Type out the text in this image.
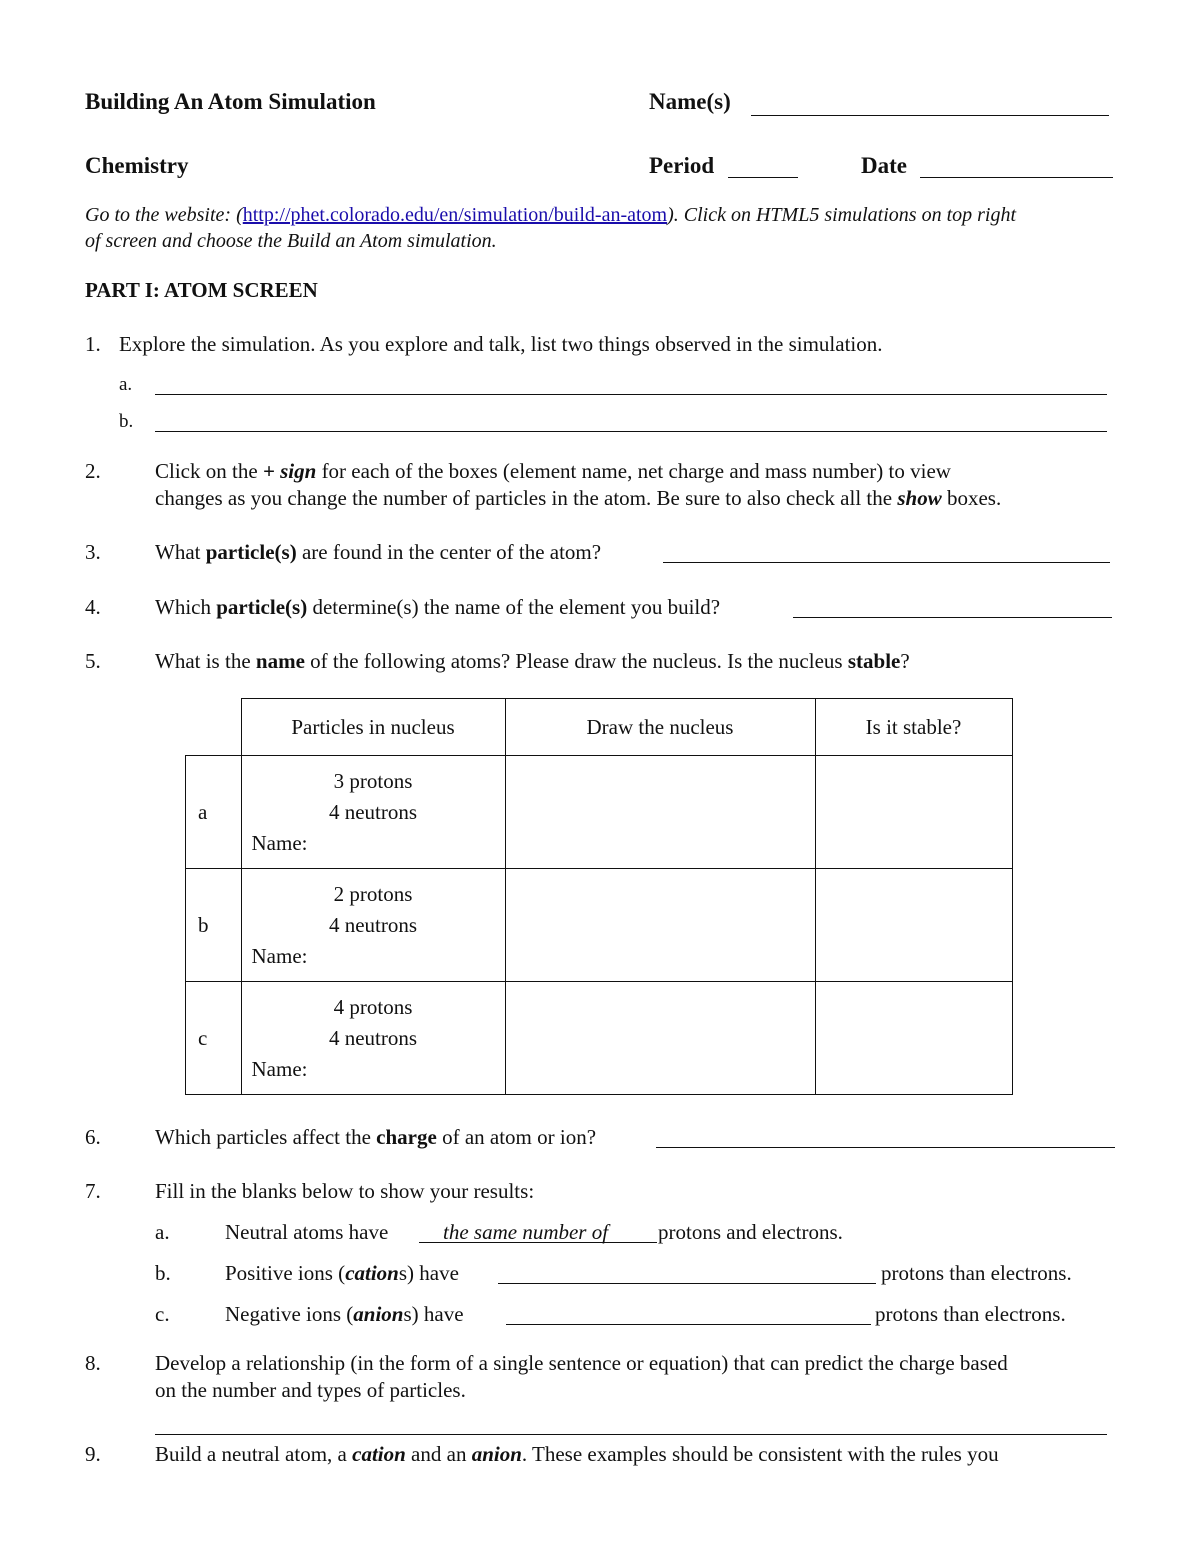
Building An Atom Simulation	Name(s)
Chemistry	Period	Date
Go to the website: (http://phet.colorado.edu/en/simulation/build-an-atom). Click on HTML5 simulations on top right
of screen and choose the Build an Atom simulation.
PART I: ATOM SCREEN
1. Explore the simulation. As you explore and talk, list two things observed in the simulation.
a.
b.
2.	Click on the + sign for each of the boxes (element name, net charge and mass number) to view
changes as you change the number of particles in the atom. Be sure to also check all the show boxes.
3.	What particle(s) are found in the center of the atom?
4.	Which particle(s) determine(s) the name of the element you build?
5.	What is the name of the following atoms? Please draw the nucleus. Is the nucleus stable?
	Particles in nucleus	Draw the nucleus	Is it stable?
a	3 protons
4 neutrons
Name:		

b	2 protons
4 neutrons
Name:		

c	4 protons
4 neutrons
Name:		

6.	Which particles affect the charge of an atom or ion?
7.	Fill in the blanks below to show your results:
a.	Neutral atoms have	the same number of protons and electrons.
b.	Positive ions (cations) have	protons than electrons.
c.	Negative ions (anions) have	protons than electrons.
8.	Develop a relationship (in the form of a single sentence or equation) that can predict the charge based
on the number and types of particles.
9.	Build a neutral atom, a cation and an anion. These examples should be consistent with the rules you
